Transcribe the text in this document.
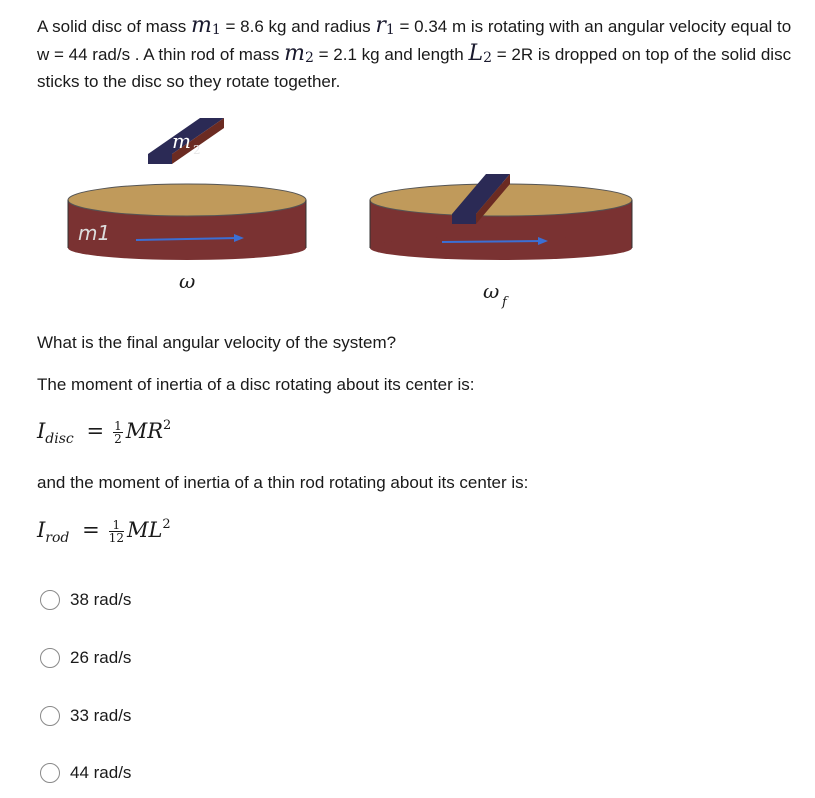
A solid disc of mass m1 = 8.6 kg and radius r1 = 0.34 m is rotating with an angular velocity equal to w = 44 rad/s . A thin rod of mass m2 = 2.1 kg and length L2 = 2R is dropped on top of the solid disc sticks to the disc so they rotate together.
m1
m 2
ω	ω f
What is the final angular velocity of the system?
The moment of inertia of a disc rotating about its center is:
$I_{disc} = \frac{1}{2} MR^2$
and the moment of inertia of a thin rod rotating about its center is:
$I_{rod} = \frac{1}{12} ML^2$
38 rad/s
26 rad/s
33 rad/s
44 rad/s
